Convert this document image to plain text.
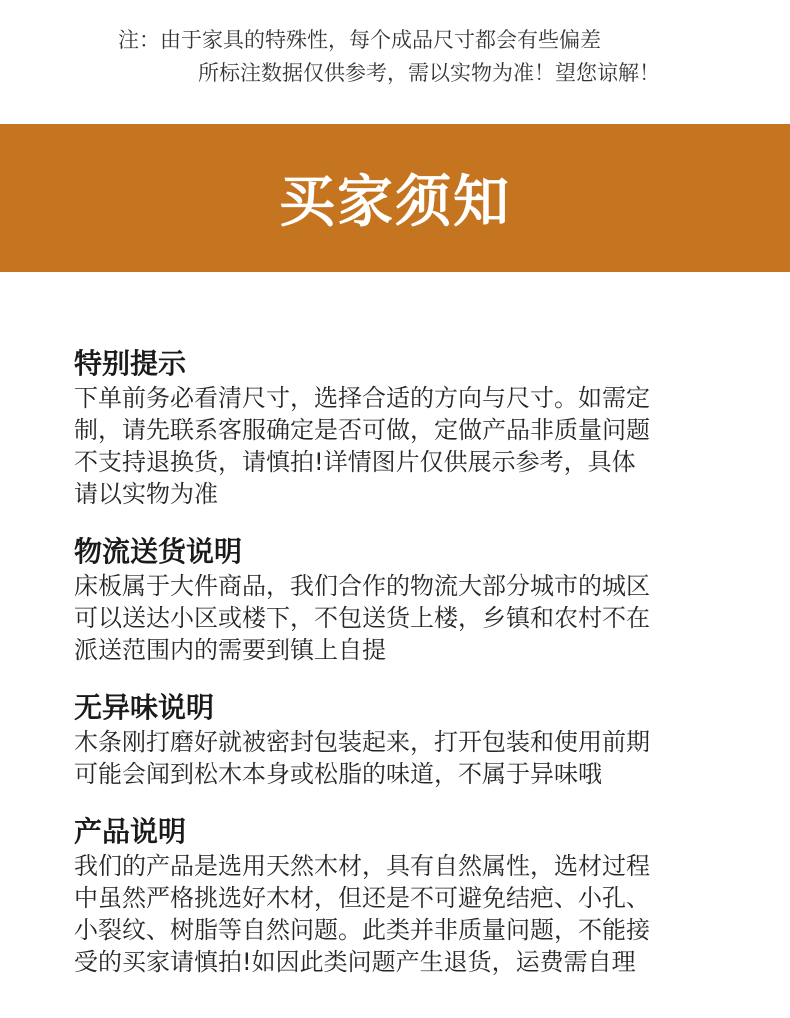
注：由于家具的特殊性，每个成品尺寸都会有些偏差
所标注数据仅供参考，需以实物为准！望您谅解！
买家须知
特别提示
下单前务必看清尺寸，选择合适的方向与尺寸。如需定
制，请先联系客服确定是否可做，定做产品非质量问题
不支持退换货，请慎拍!详情图片仅供展示参考，具体
请以实物为准
物流送货说明
床板属于大件商品，我们合作的物流大部分城市的城区
可以送达小区或楼下，不包送货上楼，乡镇和农村不在
派送范围内的需要到镇上自提
无异味说明
木条刚打磨好就被密封包装起来，打开包装和使用前期
可能会闻到松木本身或松脂的味道，不属于异味哦
产品说明
我们的产品是选用天然木材，具有自然属性，选材过程
中虽然严格挑选好木材，但还是不可避免结疤、小孔、
小裂纹、树脂等自然问题。此类并非质量问题，不能接
受的买家请慎拍!如因此类问题产生退货，运费需自理
